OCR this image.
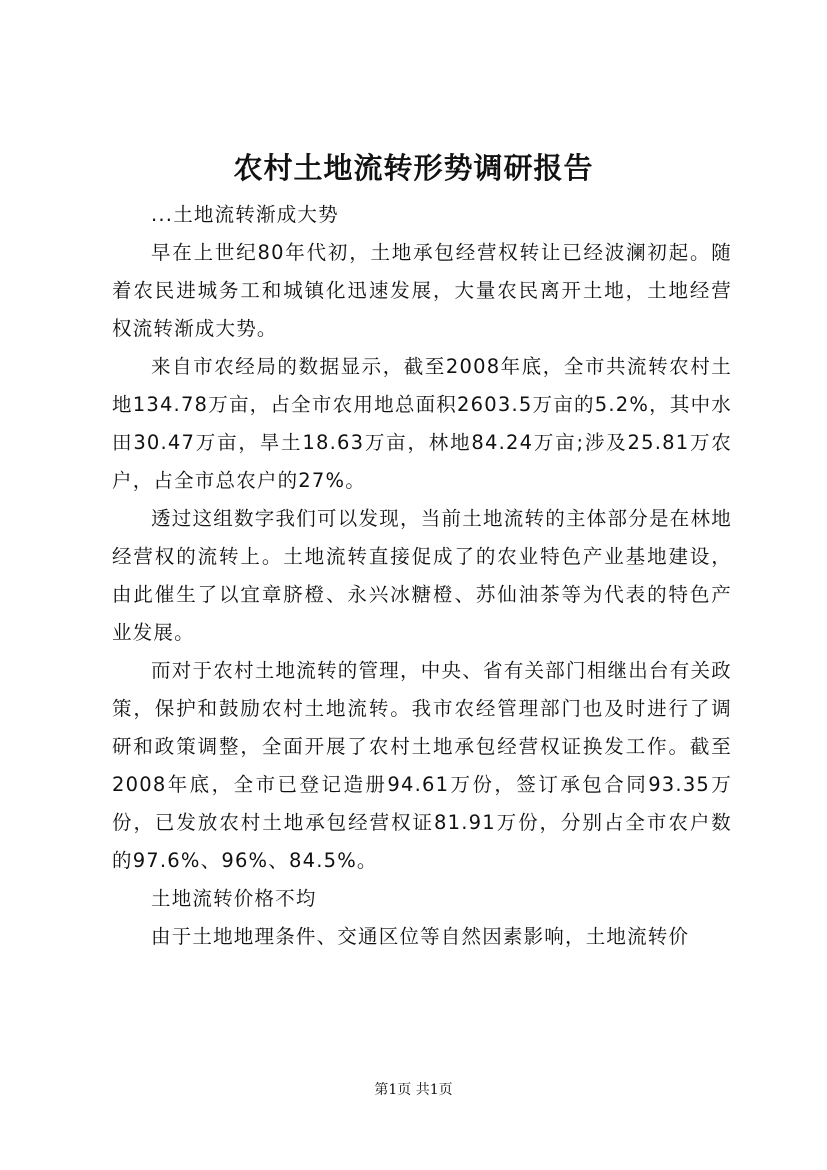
农村土地流转形势调研报告

...土地流转渐成大势

早在上世纪80年代初，土地承包经营权转让已经波澜初起。随着农民进城务工和城镇化迅速发展，大量农民离开土地，土地经营权流转渐成大势。

来自市农经局的数据显示，截至2008年底，全市共流转农村土地134.78万亩，占全市农用地总面积2603.5万亩的5.2%，其中水田30.47万亩，旱土18.63万亩，林地84.24万亩;涉及25.81万农户，占全市总农户的27%。

透过这组数字我们可以发现，当前土地流转的主体部分是在林地经营权的流转上。土地流转直接促成了的农业特色产业基地建设，由此催生了以宜章脐橙、永兴冰糖橙、苏仙油茶等为代表的特色产业发展。

而对于农村土地流转的管理，中央、省有关部门相继出台有关政策，保护和鼓励农村土地流转。我市农经管理部门也及时进行了调研和政策调整，全面开展了农村土地承包经营权证换发工作。截至2008年底，全市已登记造册94.61万份，签订承包合同93.35万份，已发放农村土地承包经营权证81.91万份，分别占全市农户数的97.6%、96%、84.5%。

土地流转价格不均

由于土地地理条件、交通区位等自然因素影响，土地流转价

第1页 共1页
